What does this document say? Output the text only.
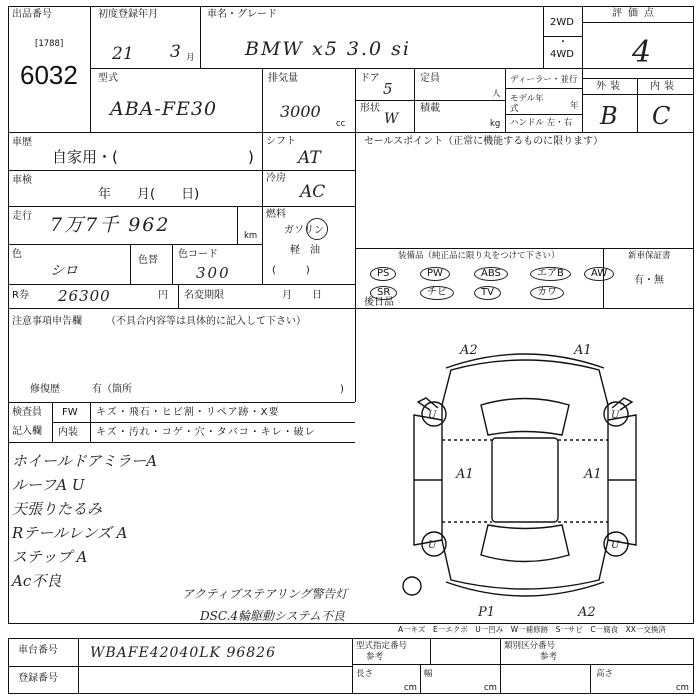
出品番号
[1788]
6032
初度登録年月
21 3 月
車名・グレード
BMW x5 3.0 si
2WD
・
4WD
評価点
4
型式
ABA-FE30
排気量
3000
cc
ドア
5
形状
W
定員
人
積載
kg
ディーラー・並行
モデル年式	年
ハンドル 左・右
外装	内装
B C
車歴
自家用・(	)
車検
年　　月(　　日)
走行 7万7千 962	km
色
シロ
色替
色コード
300
R券 26300	円 名変期限	月　　日
シフト
AT
冷房
AC
燃料
ガソリン
軽　油
(　　　)
セールスポイント（正常に機能するものに限ります）
装備品（純正品に限り丸をつけて下さい）	新車保証書
有・無
PS	PW	ABS	エアB	AW
SR	チビ	TV	カワ
後日品
注意事項申告欄 （不具合内容等は具体的に記入して下さい）
修復歴	有（箇所	)
検査員
記入欄
FW キズ・飛石・ヒビ割・リペア跡・X要
内装 キズ・汚れ・コゲ・穴・タバコ・キレ・破レ
ホイールドアミラーA
ルーフA U
天張りたるみ
Rテールレンズ A
ステップ A
Ac不良
アクティブステアリング警告灯
DSC.4輪駆動システム不良
A2	A1
A1	A1
P1	A2
U	U
U	U
A一キズ　E一エクボ　U一凹み　W一補修跡　S一サビ　C一腐食　XX一交換済
車台番号 WBAFE42040LK 96826
登録番号
型式指定番号
参考
類別区分番号
参考
長さ
cm
幅
cm
高さ
cm
